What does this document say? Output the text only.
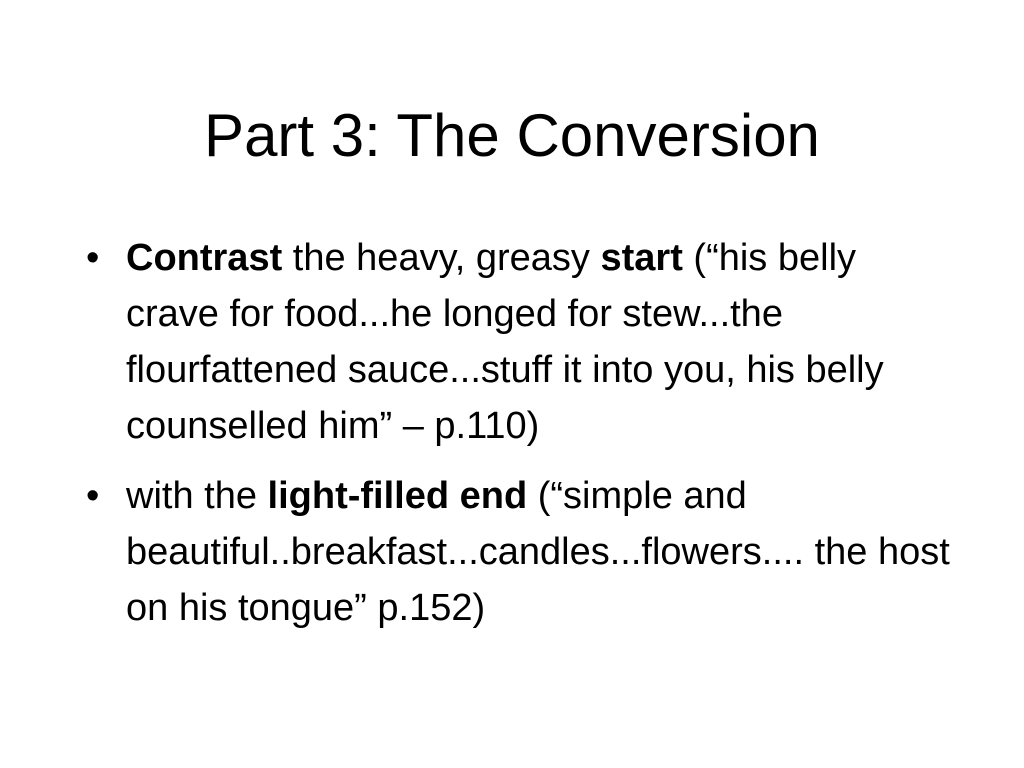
Part 3: The Conversion
• Contrast the heavy, greasy start (“his belly crave for food...he longed for stew...the flourfattened sauce...stuff it into you, his belly counselled him” – p.110)
• with the light-filled end (“simple and beautiful..breakfast...candles...flowers.... the host on his tongue” p.152)
